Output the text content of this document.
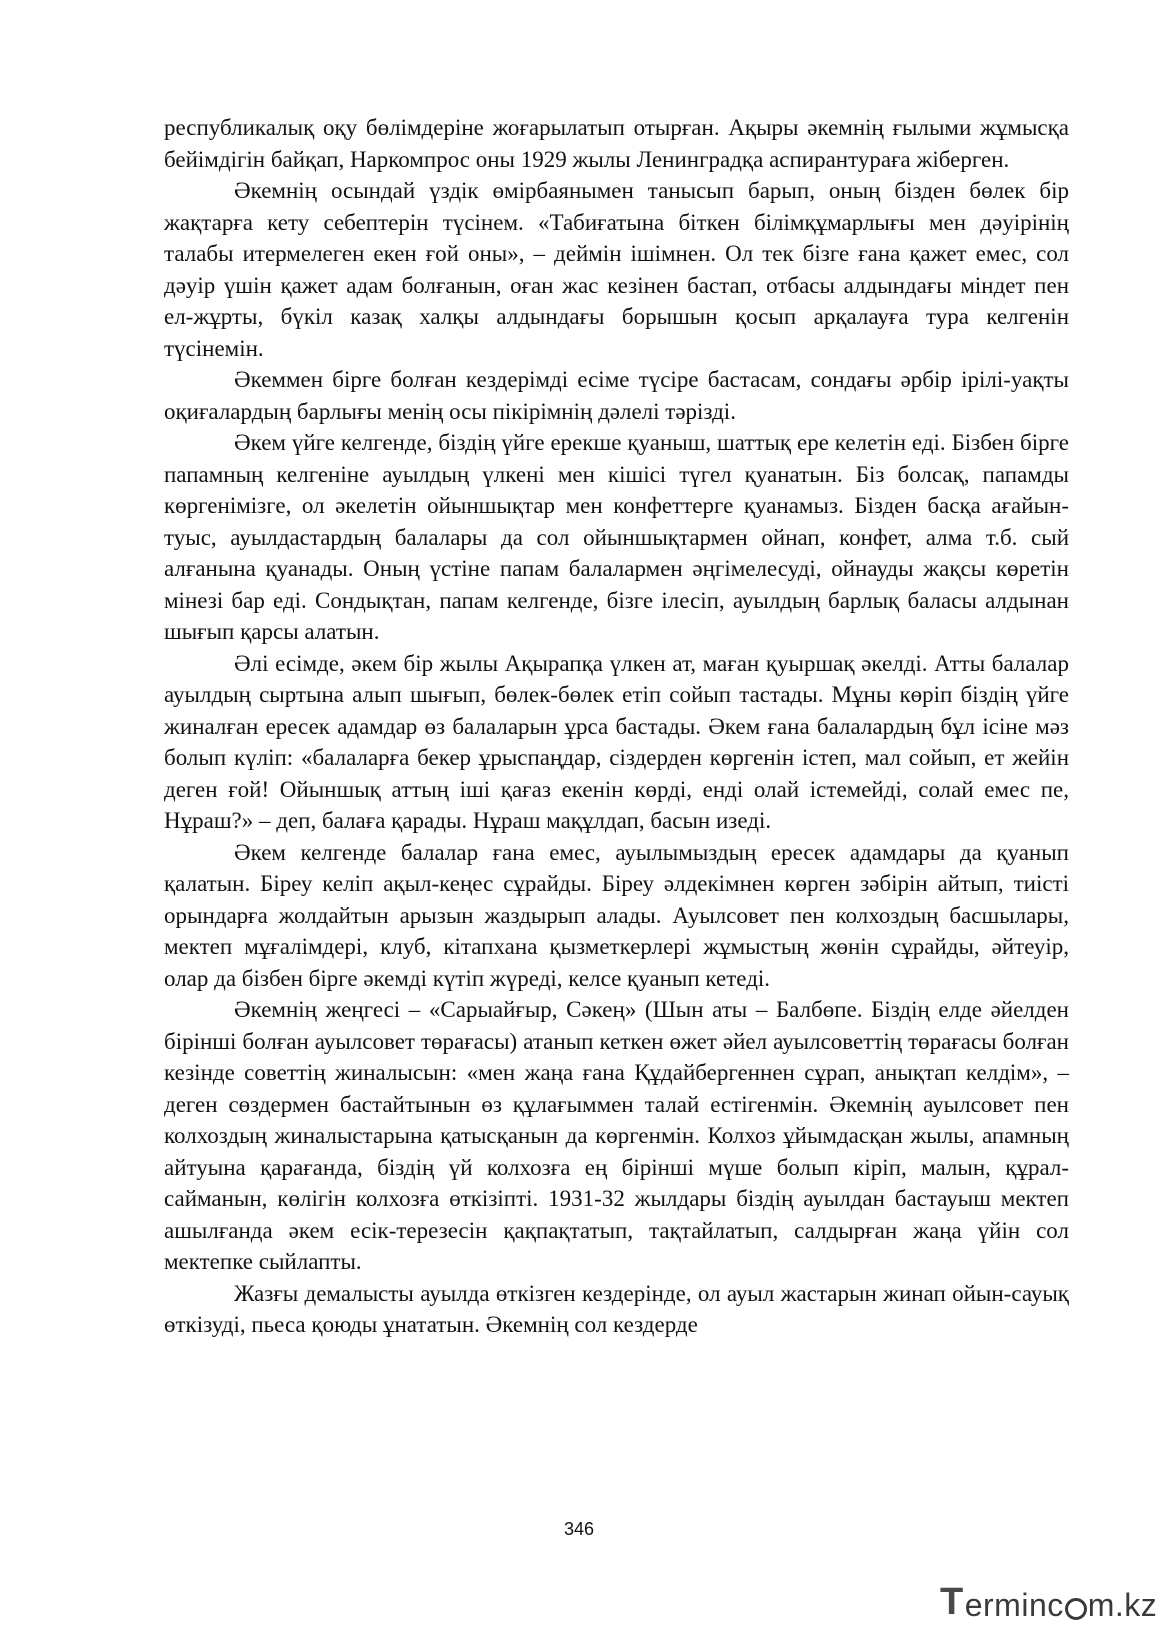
республикалық оқу бөлімдеріне жоғарылатып отырған. Ақыры әкемнің ғылыми жұмысқа бейімдігін байқап, Наркомпрос оны 1929 жылы Ленинградқа аспирантураға жіберген.

Әкемнің осындай үздік өмірбаянымен танысып барып, оның бізден бөлек бір жақтарға кету себептерін түсінем. «Табиғатына біткен білімқұмарлығы мен дәуірінің талабы итермелеген екен ғой оны», – деймін ішімнен. Ол тек бізге ғана қажет емес, сол дәуір үшін қажет адам болғанын, оған жас кезінен бастап, отбасы алдындағы міндет пен ел-жұрты, бүкіл казақ халқы алдындағы борышын қосып арқалауға тура келгенін түсінемін.

Әкеммен бірге болған кездерімді есіме түсіре бастасам, сондағы әрбір ірілі-уақты оқиғалардың барлығы менің осы пікірімнің дәлелі тәрізді.

Әкем үйге келгенде, біздің үйге ерекше қуаныш, шаттық ере келетін еді. Бізбен бірге папамның келгеніне ауылдың үлкені мен кішісі түгел қуанатын. Біз болсақ, папамды көргенімізге, ол әкелетін ойыншықтар мен конфеттерге қуанамыз. Бізден басқа ағайын-туыс, ауылдастардың балалары да сол ойыншықтармен ойнап, конфет, алма т.б. сый алғанына қуанады. Оның үстіне папам балалармен әңгімелесуді, ойнауды жақсы көретін мінезі бар еді. Сондықтан, папам келгенде, бізге ілесіп, ауылдың барлық баласы алдынан шығып қарсы алатын.

Әлі есімде, әкем бір жылы Ақырапқа үлкен ат, маған қуыршақ әкелді. Атты балалар ауылдың сыртына алып шығып, бөлек-бөлек етіп сойып тастады. Мұны көріп біздің үйге жиналған ересек адамдар өз балаларын ұрса бастады. Әкем ғана балалардың бұл ісіне мәз болып күліп: «балаларға бекер ұрыспаңдар, сіздерден көргенін істеп, мал сойып, ет жейін деген ғой! Ойыншық аттың іші қағаз екенін көрді, енді олай істемейді, солай емес пе, Нұраш?» – деп, балаға қарады. Нұраш мақұлдап, басын изеді.

Әкем келгенде балалар ғана емес, ауылымыздың ересек адамдары да қуанып қалатын. Біреу келіп ақыл-кеңес сұрайды. Біреу әлдекімнен көрген зәбірін айтып, тиісті орындарға жолдайтын арызын жаздырып алады. Ауылсовет пен колхоздың басшылары, мектеп мұғалімдері, клуб, кітапхана қызметкерлері жұмыстың жөнін сұрайды, әйтеуір, олар да бізбен бірге әкемді күтіп жүреді, келсе қуанып кетеді.

Әкемнің жеңгесі – «Сарыайғыр, Сәкең» (Шын аты – Балбөпе. Біздің елде әйелден бірінші болған ауылсовет төрағасы) атанып кеткен өжет әйел ауылсоветтің төрағасы болған кезінде советтің жиналысын: «мен жаңа ғана Құдайбергеннен сұрап, анықтап келдім», – деген сөздермен бастайтынын өз құлағыммен талай естігенмін. Әкемнің ауылсовет пен колхоздың жиналыстарына қатысқанын да көргенмін. Колхоз ұйымдасқан жылы, апамның айтуына қарағанда, біздің үй колхозға ең бірінші мүше болып кіріп, малын, құрал-сайманын, көлігін колхозға өткізіпті. 1931-32 жылдары біздің ауылдан бастауыш мектеп ашылғанда әкем есік-терезесін қақпақтатып, тақтайлатып, салдырған жаңа үйін сол мектепке сыйлапты.

Жазғы демалысты ауылда өткізген кездерінде, ол ауыл жастарын жинап ойын-сауық өткізуді, пьеса қоюды ұнататын. Әкемнің сол кездерде

346
T ermin c m.kz
